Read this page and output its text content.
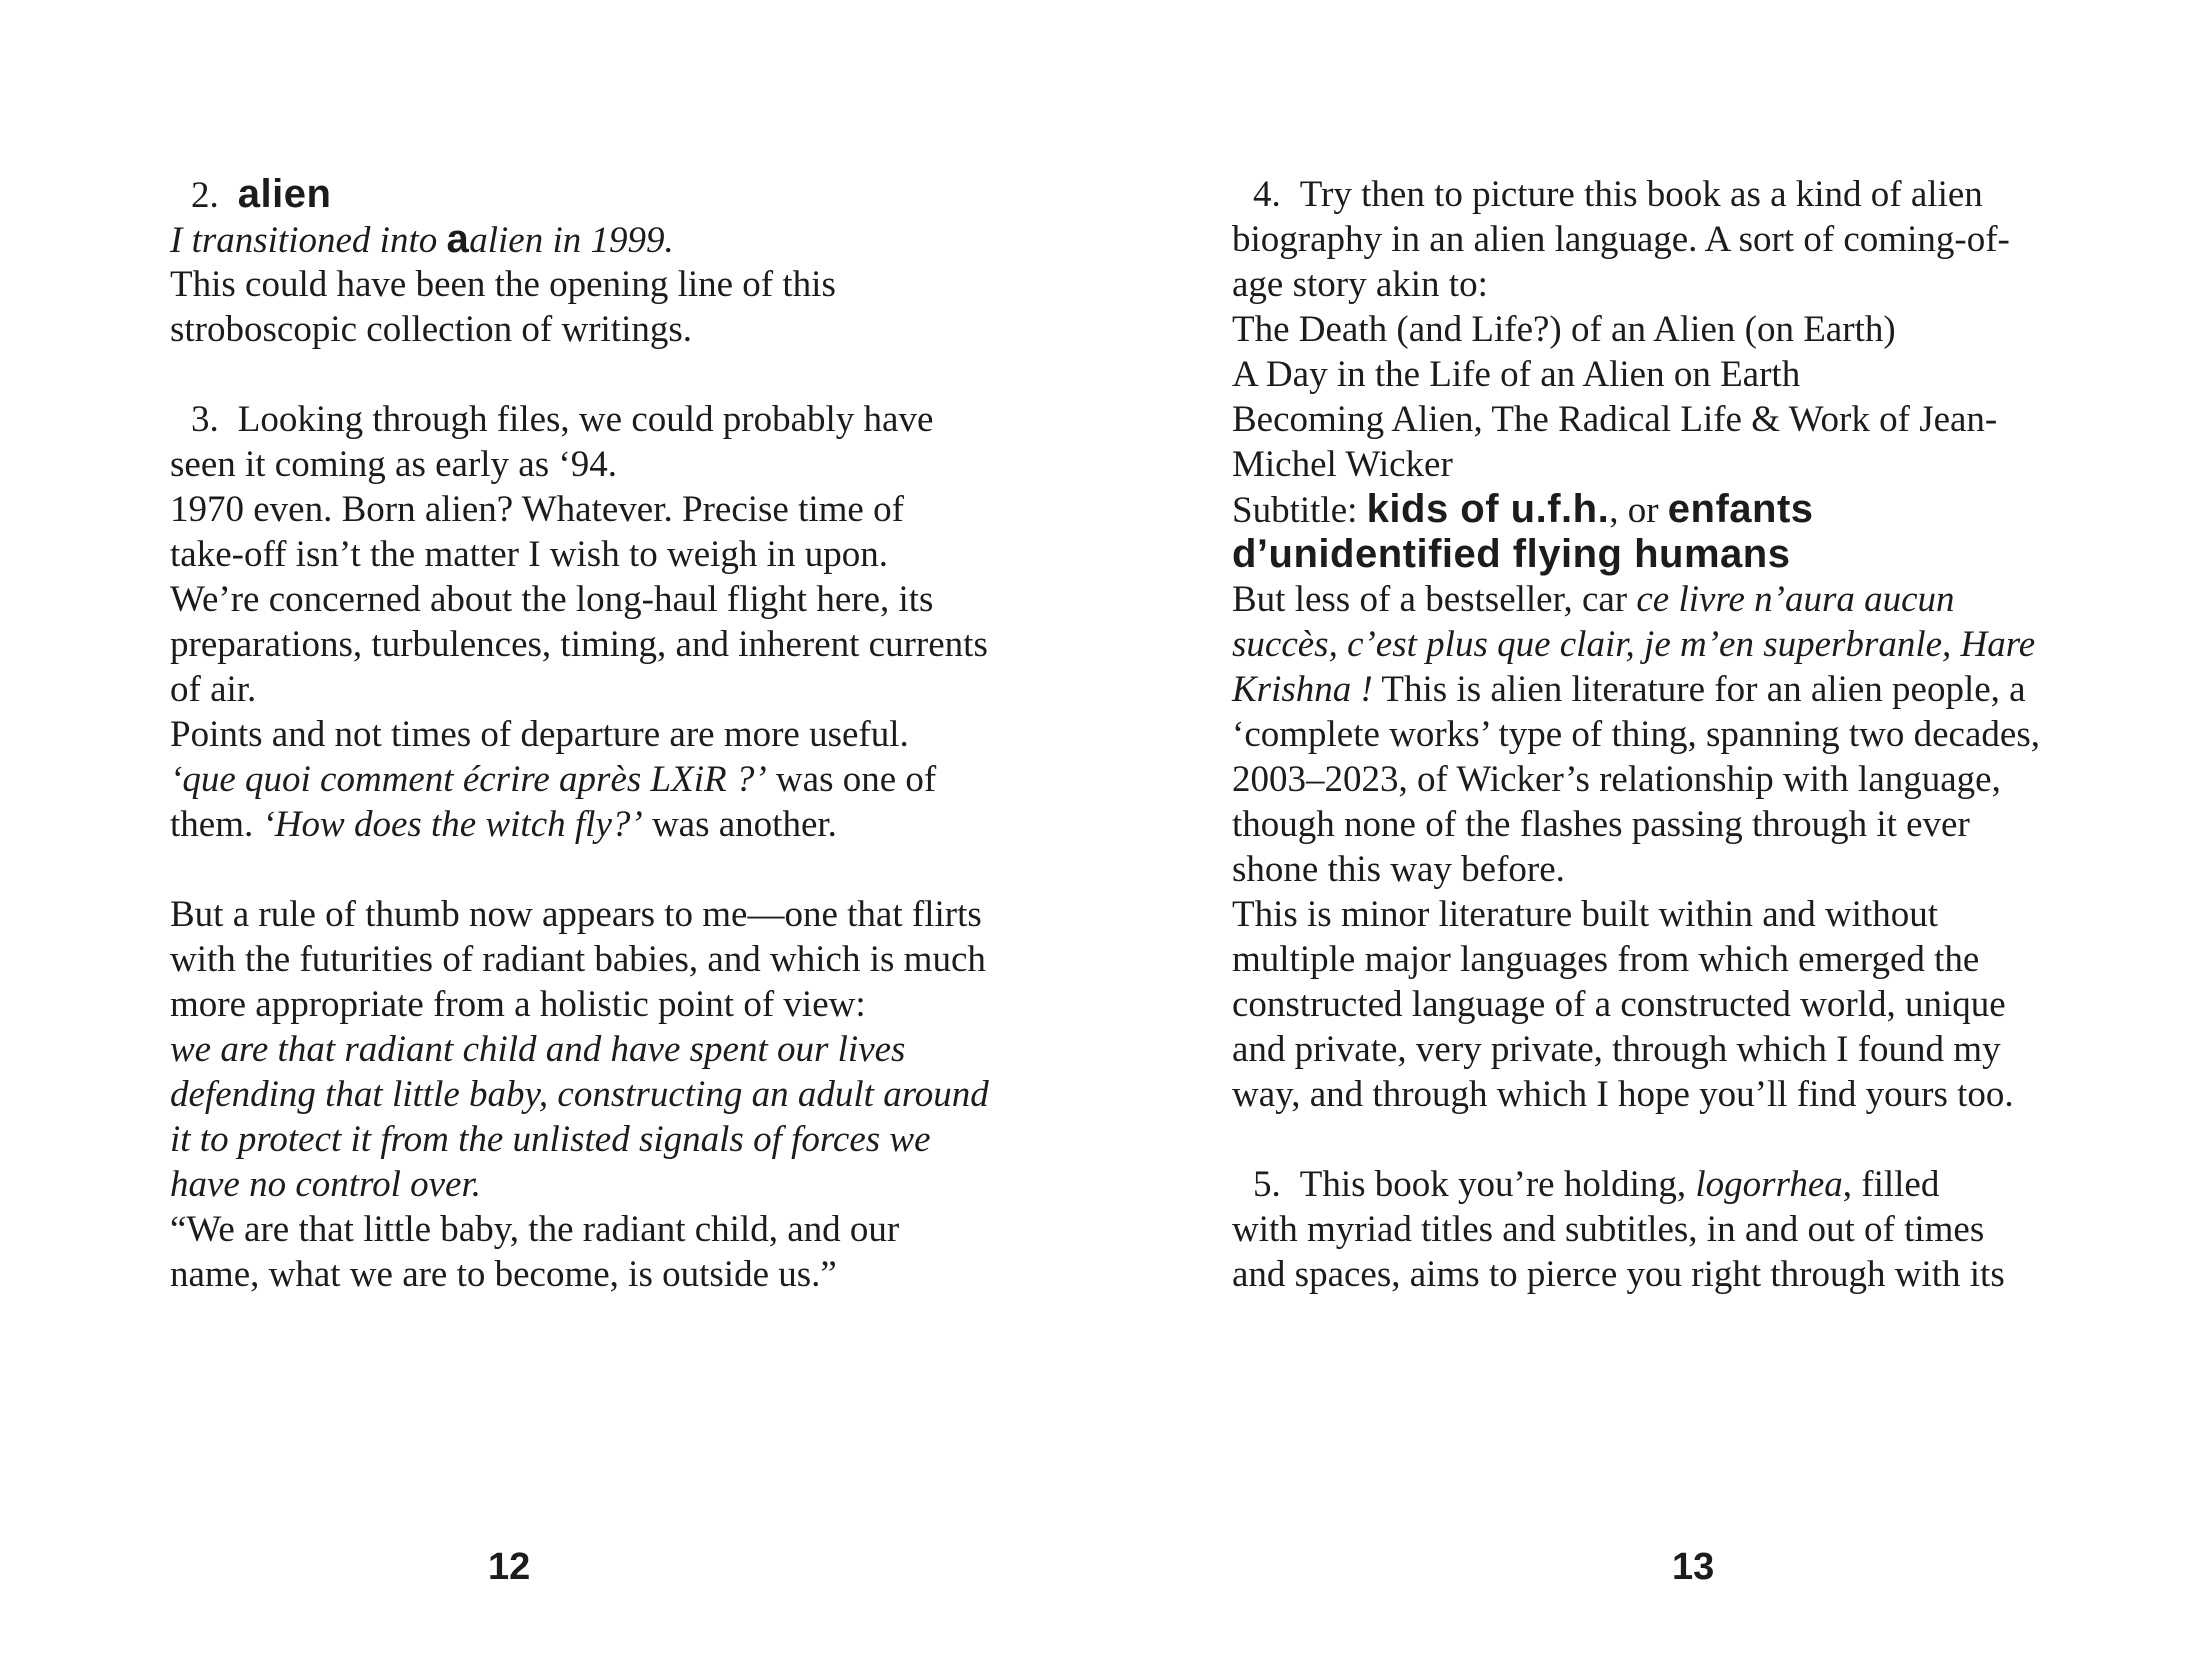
2. alien
I transitioned into aalien in 1999.
This could have been the opening line of this
stroboscopic collection of writings.
3. Looking through files, we could probably have
seen it coming as early as ‘94.
1970 even. Born alien? Whatever. Precise time of
take-off isn’t the matter I wish to weigh in upon.
We’re concerned about the long-haul flight here, its
preparations, turbulences, timing, and inherent currents
of air.
Points and not times of departure are more useful.
‘que quoi comment écrire après LXiR ?’ was one of
them. ‘How does the witch fly?’ was another.
But a rule of thumb now appears to me—one that flirts
with the futurities of radiant babies, and which is much
more appropriate from a holistic point of view:
we are that radiant child and have spent our lives
defending that little baby, constructing an adult around
it to protect it from the unlisted signals of forces we
have no control over.
“We are that little baby, the radiant child, and our
name, what we are to become, is outside us.”
4. Try then to picture this book as a kind of alien
biography in an alien language. A sort of coming-of-
age story akin to:
The Death (and Life?) of an Alien (on Earth)
A Day in the Life of an Alien on Earth
Becoming Alien, The Radical Life & Work of Jean-
Michel Wicker
Subtitle: kids of u.f.h., or enfants
d’unidentified flying humans
But less of a bestseller, car ce livre n’aura aucun
succès, c’est plus que clair, je m’en superbranle, Hare
Krishna ! This is alien literature for an alien people, a
‘complete works’ type of thing, spanning two decades,
2003–2023, of Wicker’s relationship with language,
though none of the flashes passing through it ever
shone this way before.
This is minor literature built within and without
multiple major languages from which emerged the
constructed language of a constructed world, unique
and private, very private, through which I found my
way, and through which I hope you’ll find yours too.
5. This book you’re holding, logorrhea, filled
with myriad titles and subtitles, in and out of times
and spaces, aims to pierce you right through with its
12	13
